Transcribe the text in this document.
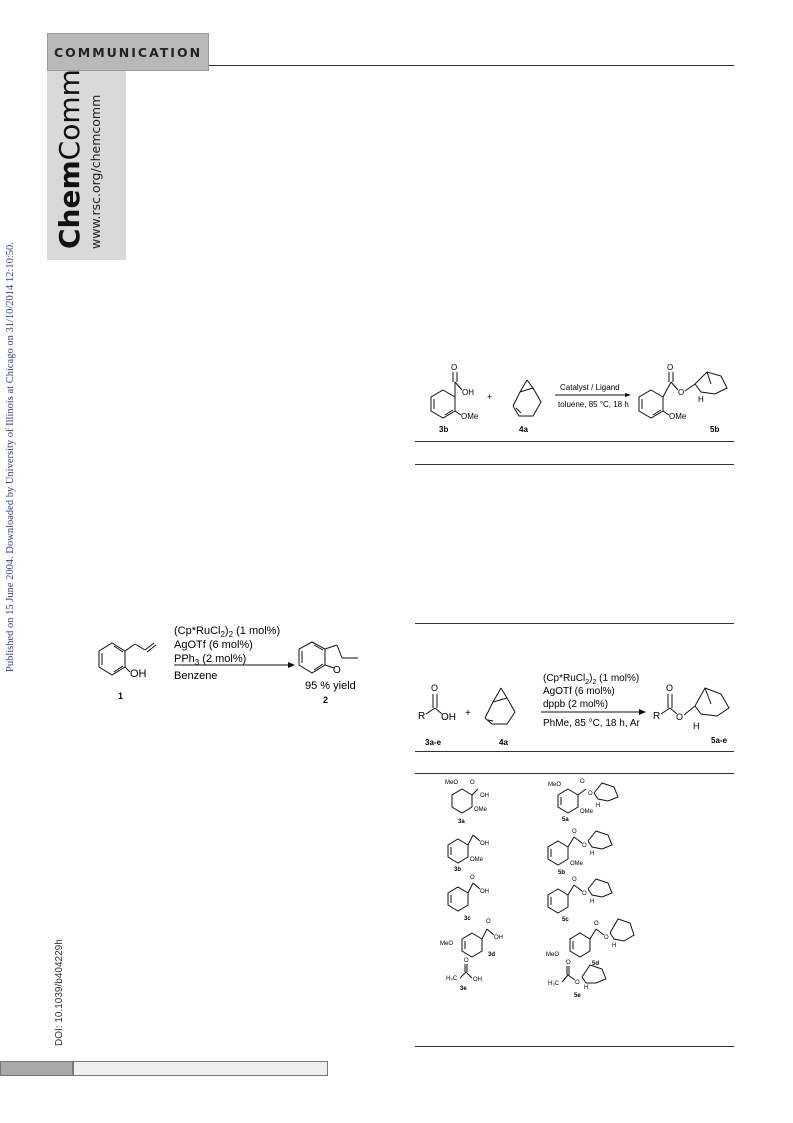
COMMUNICATION
ChemComm www.rsc.org/chemcomm
Published on 15 June 2004. Downloaded by University of Illinois at Chicago on 31/10/2014 12:10:50.
DOI: 10.1039/b404229h
OH
1
$(Cp*RuCl_2)_2$ (1 mol%)
AgOTf (6 mol%)
PPh$_3$ (2 mol%)
Benzene	O
95 % yield
2
O
OH
OMe
3b
+
4a
Catalyst / Ligand
toluene, 85 °C, 18 h
O
O
H
OMe
5b
R
O
OH
3a-e
+
4a
$(Cp*RuCl_2)_2$ (1 mol%)
AgOTf (6 mol%)
dppb (2 mol%)
PhMe, 85 °C, 18 h, Ar
R
O
O
H
5a-e
MeO O
OH
OMe
3a
MeO	O
O
H
OMe
5a
OH
OMe
3b
O
O
H
OMe
5b
O
OH
3c
O
O
H
5c
MeO
O
OH
3d	MeO
O
O
H
5d
H₃C
O
OH
3e
H₃C
O
O
H
5e
